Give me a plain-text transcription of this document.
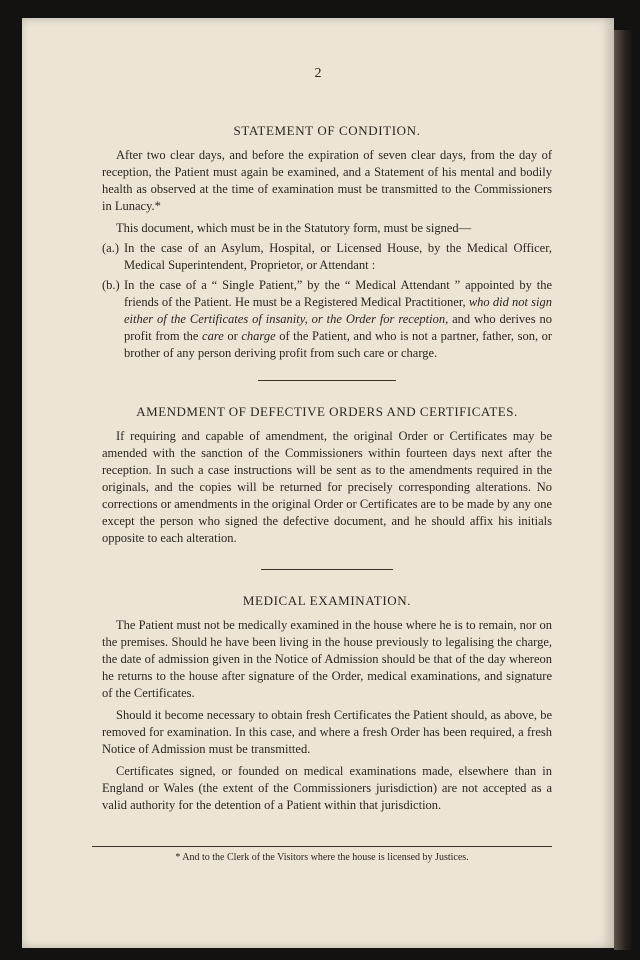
2
STATEMENT OF CONDITION.

After two clear days, and before the expiration of seven clear days, from the day of reception, the Patient must again be examined, and a Statement of his mental and bodily health as observed at the time of examination must be transmitted to the Commissioners in Lunacy.*

This document, which must be in the Statutory form, must be signed—

(a.) In the case of an Asylum, Hospital, or Licensed House, by the Medical Officer, Medical Superintendent, Proprietor, or Attendant :
(b.) In the case of a “ Single Patient,” by the “ Medical Attendant ” appointed by the friends of the Patient. He must be a Registered Medical Practitioner, who did not sign either of the Certificates of insanity, or the Order for reception, and who derives no profit from the care or charge of the Patient, and who is not a partner, father, son, or brother of any person deriving profit from such care or charge.
AMENDMENT OF DEFECTIVE ORDERS AND CERTIFICATES.

If requiring and capable of amendment, the original Order or Certificates may be amended with the sanction of the Commissioners within fourteen days next after the reception. In such a case instructions will be sent as to the amendments required in the originals, and the copies will be returned for precisely corresponding alterations. No corrections or amendments in the original Order or Certificates are to be made by any one except the person who signed the defective document, and he should affix his initials opposite to each alteration.

MEDICAL EXAMINATION.

The Patient must not be medically examined in the house where he is to remain, nor on the premises. Should he have been living in the house previously to legalising the charge, the date of admission given in the Notice of Admission should be that of the day whereon he returns to the house after signature of the Order, medical examinations, and signature of the Certificates.

Should it become necessary to obtain fresh Certificates the Patient should, as above, be removed for examination. In this case, and where a fresh Order has been required, a fresh Notice of Admission must be transmitted.

Certificates signed, or founded on medical examinations made, elsewhere than in England or Wales (the extent of the Commissioners jurisdiction) are not accepted as a valid authority for the detention of a Patient within that jurisdiction.

* And to the Clerk of the Visitors where the house is licensed by Justices.
